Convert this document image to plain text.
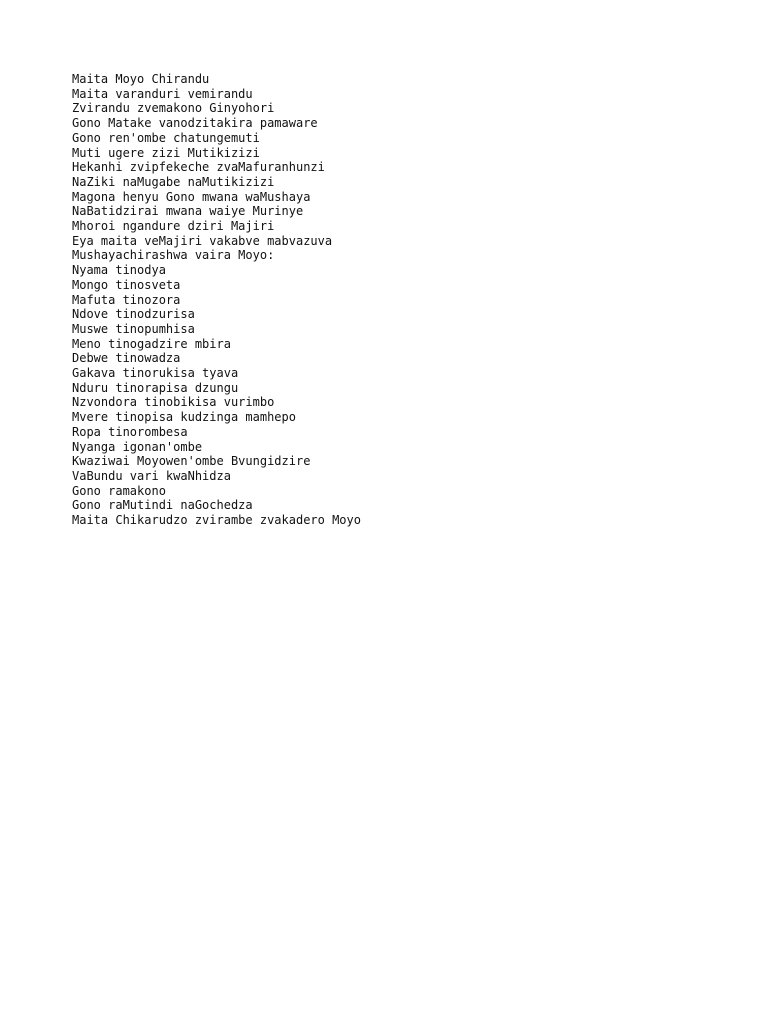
Maita Moyo Chirandu

Maita varanduri vemirandu

Zvirandu zvemakono Ginyohori

Gono Matake vanodzitakira pamaware

Gono ren'ombe chatungemuti

Muti ugere zizi Mutikizizi

Hekanhi zvipfekeche zvaMafuranhunzi

NaZiki naMugabe naMutikizizi

Magona henyu Gono mwana waMushaya

NaBatidzirai mwana waiye Murinye

Mhoroi ngandure dziri Majiri

Eya maita veMajiri vakabve mabvazuva

Mushayachirashwa vaira Moyo:

Nyama tinodya

Mongo tinosveta

Mafuta tinozora

Ndove tinodzurisa

Muswe tinopumhisa

Meno tinogadzire mbira

Debwe tinowadza

Gakava tinorukisa tyava

Nduru tinorapisa dzungu

Nzvondora tinobikisa vurimbo

Mvere tinopisa kudzinga mamhepo

Ropa tinorombesa

Nyanga igonan'ombe

Kwaziwai Moyowen'ombe Bvungidzire

VaBundu vari kwaNhidza

Gono ramakono

Gono raMutindi naGochedza

Maita Chikarudzo zvirambe zvakadero Moyo
